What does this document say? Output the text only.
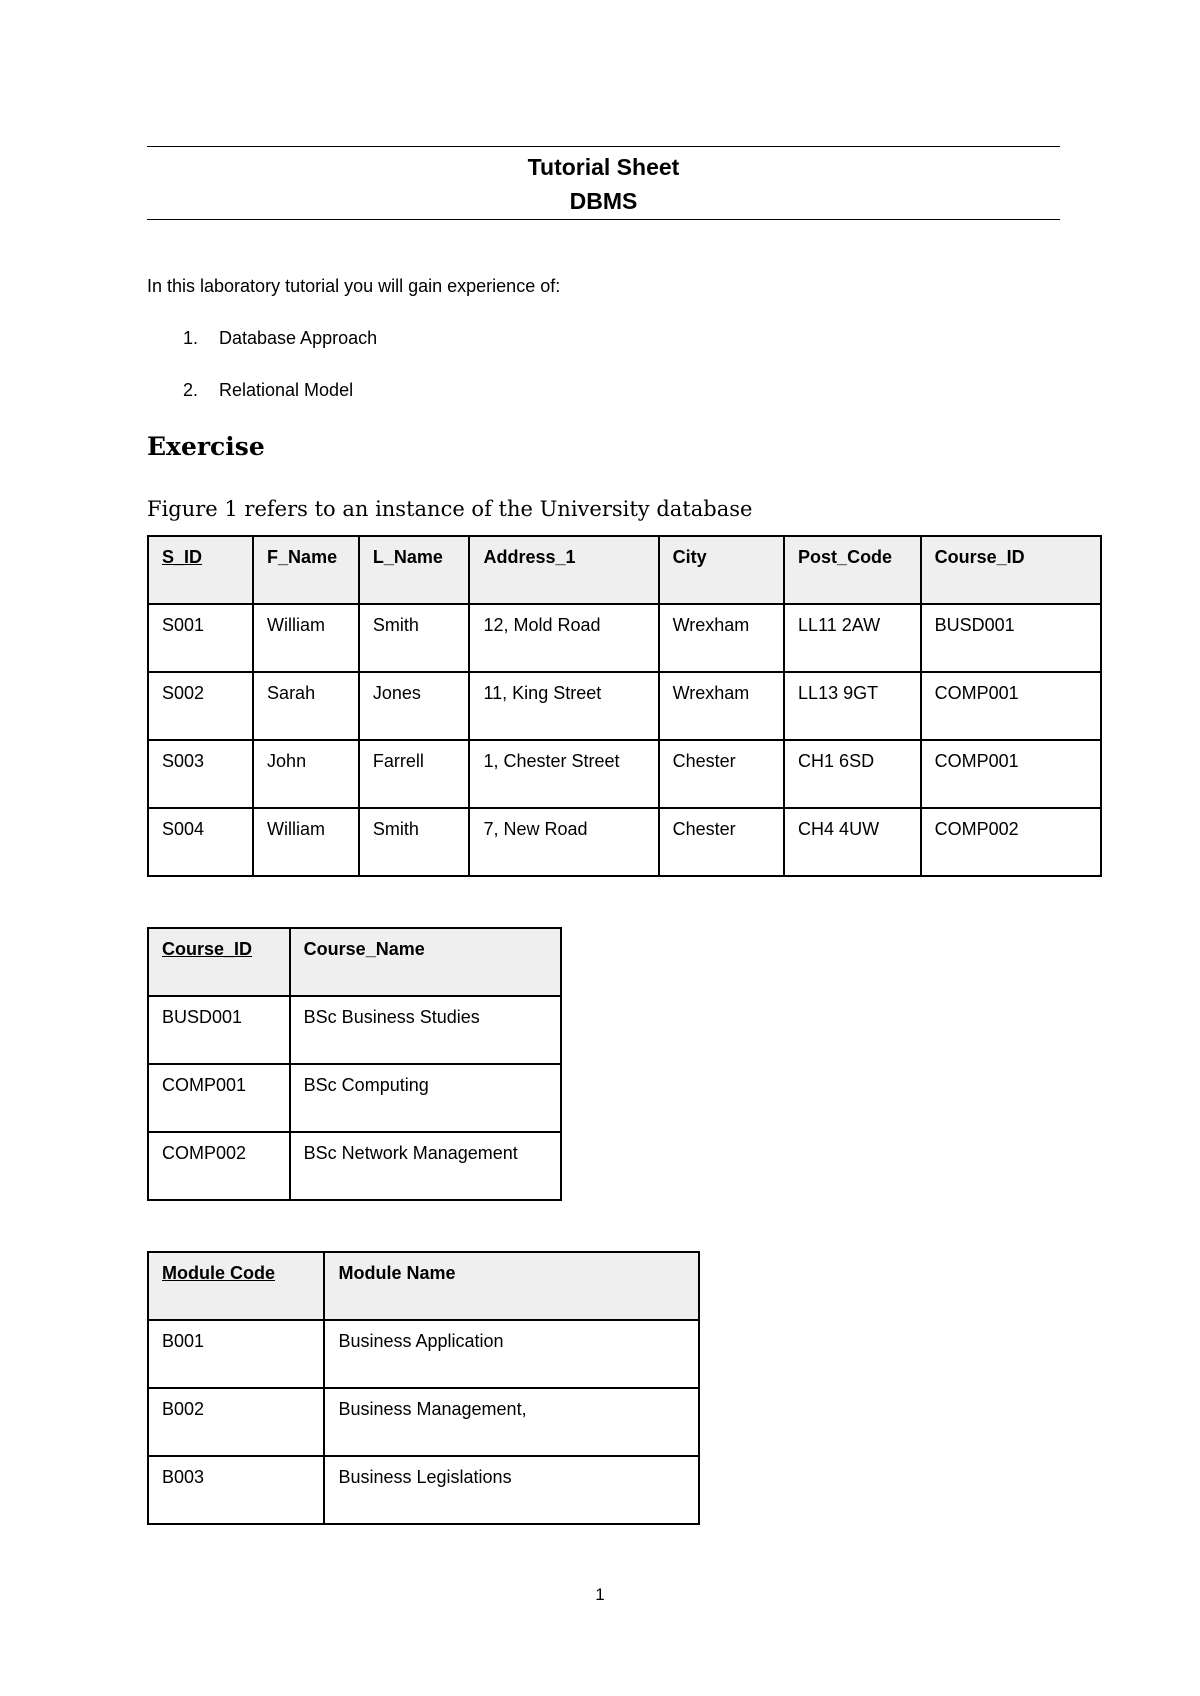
Tutorial Sheet
DBMS
In this laboratory tutorial you will gain experience of:
1. Database Approach
2. Relational Model
Exercise
Figure 1 refers to an instance of the University database
S_ID	F_Name	L_Name	Address_1	City	Post_Code	Course_ID
S001	William	Smith	12, Mold Road	Wrexham	LL11 2AW	BUSD001
S002	Sarah	Jones	11, King Street	Wrexham	LL13 9GT	COMP001
S003	John	Farrell	1, Chester Street	Chester	CH1 6SD	COMP001
S004	William	Smith	7, New Road	Chester	CH4 4UW	COMP002
Course_ID	Course_Name
BUSD001	BSc Business Studies
COMP001	BSc Computing
COMP002	BSc Network Management
Module Code	Module Name
B001	Business Application
B002	Business Management,
B003	Business Legislations
1
